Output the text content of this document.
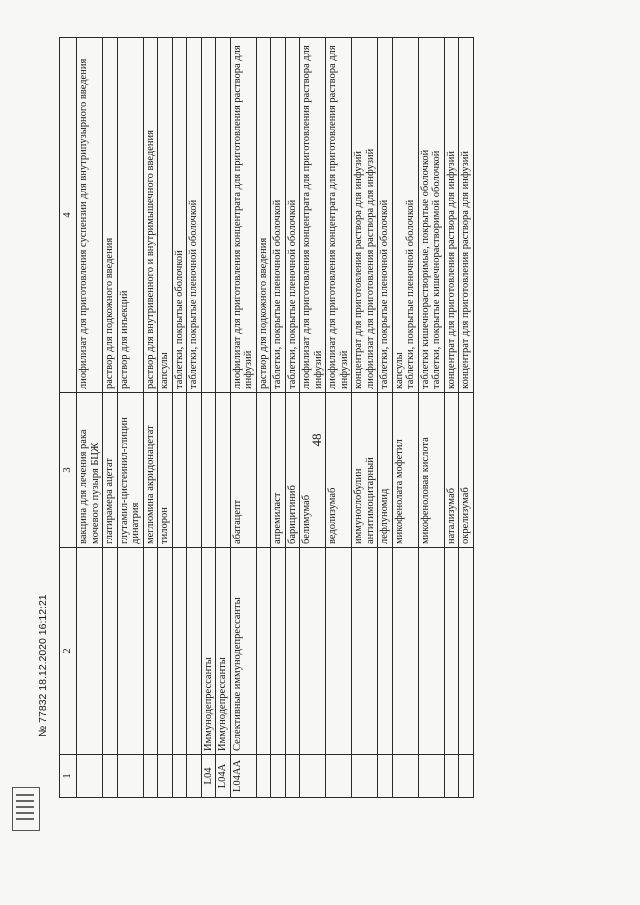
48
1	2	3	4
		вакцина для лечения рака мочевого пузыря БЦЖ	лиофилизат для приготовления суспензии для внутрипузырного введения
		глатирамера ацетат	раствор для подкожного введения
		глутамил-цистеинил-глицин динатрия	раствор для инъекций
		меглюмина акридонацетат	раствор для внутривенного и внутримышечного введения
		тилорон	капсулы
			таблетки, покрытые оболочкой
			таблетки, покрытые пленочной оболочкой
L04	Иммунодепрессанты		
L04A	Иммунодепрессанты		
L04AA	Селективные иммунодепрессанты	абатацепт	лиофилизат для приготовления концентрата для приготовления раствора для инфузий
			раствор для подкожного введения
		апремиласт	таблетки, покрытые пленочной оболочкой
		барицитиниб	таблетки, покрытые пленочной оболочкой
		белимумаб	лиофилизат для приготовления концентрата для приготовления раствора для инфузий
		ведолизумаб	лиофилизат для приготовления концентрата для приготовления раствора для инфузий
		иммуноглобулин антитимоцитарный	концентрат для приготовления раствора для инфузий
лиофилизат для приготовления раствора для инфузий
		лефлуномид	таблетки, покрытые пленочной оболочкой
		микофенолата мофетил	капсулы
таблетки, покрытые пленочной оболочкой
		микофеноловая кислота	таблетки кишечнорастворимые, покрытые оболочкой
таблетки, покрытые кишечнорастворимой оболочкой
		натализумаб	концентрат для приготовления раствора для инфузий
		окрелизумаб	концентрат для приготовления раствора для инфузий
№ 77832 18.12.2020 16:12:21
